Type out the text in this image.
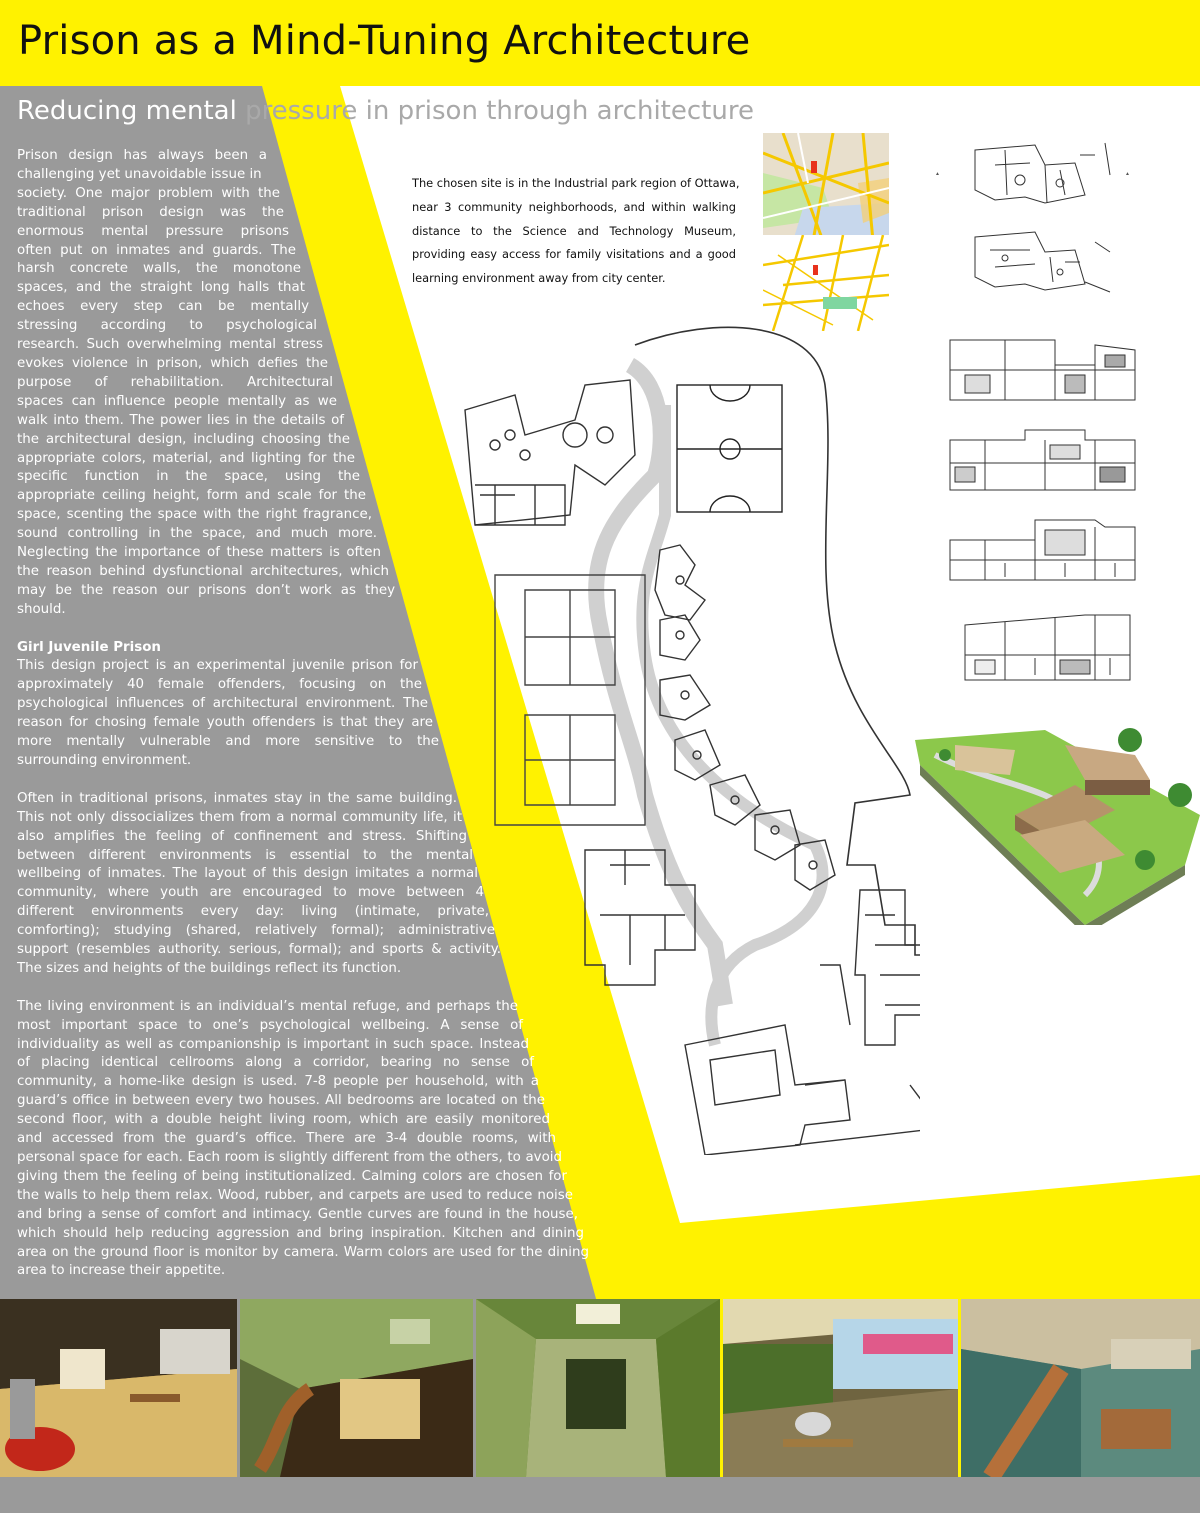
Prison as a Mind-Tuning Architecture
Reducing mental pressure in prison through architecture
Prison design has always been a
challenging yet unavoidable issue in
society. One major problem with the
traditional prison design was the
enormous mental pressure prisons
often put on inmates and guards. The
harsh concrete walls, the monotone
spaces, and the straight long halls that
echoes every step can be mentally
stressing according to psychological
research. Such overwhelming mental stress
evokes violence in prison, which defies the
purpose of rehabilitation. Architectural
spaces can influence people mentally as we
walk into them. The power lies in the details of
the architectural design, including choosing the
appropriate colors, material, and lighting for the
specific function in the space, using the
appropriate ceiling height, form and scale for the
space, scenting the space with the right fragrance,
sound controlling in the space, and much more.
Neglecting the importance of these matters is often
the reason behind dysfunctional architectures, which
may be the reason our prisons don’t work as they
should.
Girl Juvenile Prison
This design project is an experimental juvenile prison for
approximately 40 female offenders, focusing on the
psychological influences of architectural environment. The
reason for chosing female youth offenders is that they are
more mentally vulnerable and more sensitive to the
surrounding environment.
Often in traditional prisons, inmates stay in the same building.
This not only dissocializes them from a normal community life, it
also amplifies the feeling of confinement and stress. Shifting
between different environments is essential to the mental
wellbeing of inmates. The layout of this design imitates a normal
community, where youth are encouraged to move between 4
different environments every day: living (intimate, private,
comforting); studying (shared, relatively formal); administrative
support (resembles authority. serious, formal); and sports & activity.
The sizes and heights of the buildings reflect its function.
The living environment is an individual’s mental refuge, and perhaps the
most important space to one’s psychological wellbeing. A sense of
individuality as well as companionship is important in such space. Instead
of placing identical cellrooms along a corridor, bearing no sense of
community, a home-like design is used. 7-8 people per household, with a
guard’s office in between every two houses. All bedrooms are located on the
second floor, with a double height living room, which are easily monitored
and accessed from the guard’s office. There are 3-4 double rooms, with
personal space for each. Each room is slightly different from the others, to avoid
giving them the feeling of being institutionalized. Calming colors are chosen for
the walls to help them relax. Wood, rubber, and carpets are used to reduce noise
and bring a sense of comfort and intimacy. Gentle curves are found in the house,
which should help reducing aggression and bring inspiration. Kitchen and dining
area on the ground floor is monitor by camera. Warm colors are used for the dining
area to increase their appetite.
The chosen site is in the Industrial park region of Ottawa,
near 3 community neighborhoods, and within walking
distance to the Science and Technology Museum,
providing easy access for family visitations and a good
learning environment away from city center.
▲	▲
